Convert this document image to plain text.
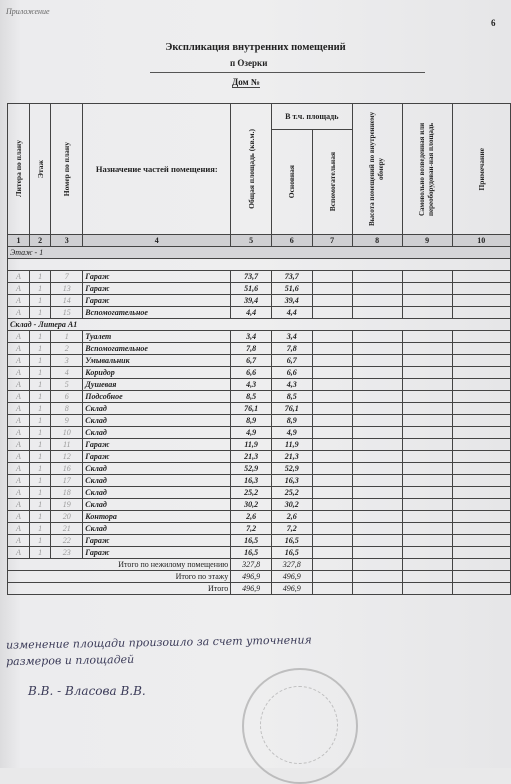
Приложение
6
Экспликация внутренних помещений
п Озерки
Дом №
Литера по плану	Этаж	Номер по плану	Назначение частей помещения:	Общая площадь (кв.м.)	В т.ч. площадь		Высота помещений по внутреннему обмеру	Самовольно возведенная или переоборудован-ная площадь	Примечание

					Основная	Вспомогательная			

1	2	3	4	5	6	7	8	9	10
Этаж - 1									

А	1	7	Гараж	73,7	73,7				
А	1	13	Гараж	51,6	51,6				
А	1	14	Гараж	39,4	39,4				
А	1	15	Вспомогательное	4,4	4,4				
Склад - Литера А1									
А	1	1	Туалет	3,4	3,4				
А	1	2	Вспомогательное	7,8	7,8				
А	1	3	Умывальник	6,7	6,7				
А	1	4	Коридор	6,6	6,6				
А	1	5	Душевая	4,3	4,3				
А	1	6	Подсобное	8,5	8,5				
А	1	8	Склад	76,1	76,1				
А	1	9	Склад	8,9	8,9				
А	1	10	Склад	4,9	4,9				
А	1	11	Гараж	11,9	11,9				
А	1	12	Гараж	21,3	21,3				
А	1	16	Склад	52,9	52,9				
А	1	17	Склад	16,3	16,3				
А	1	18	Склад	25,2	25,2				
А	1	19	Склад	30,2	30,2				
А	1	20	Контора	2,6	2,6				
А	1	21	Склад	7,2	7,2				
А	1	22	Гараж	16,5	16,5				
А	1	23	Гараж	16,5	16,5				
Итого по нежилому помещению				327,8	327,8				
Итого по этажу				496,9	496,9				
Итого				496,9	496,9				
изменение площади произошло за счет уточнения
размеров и площадей
В.В. - Власова В.В.
